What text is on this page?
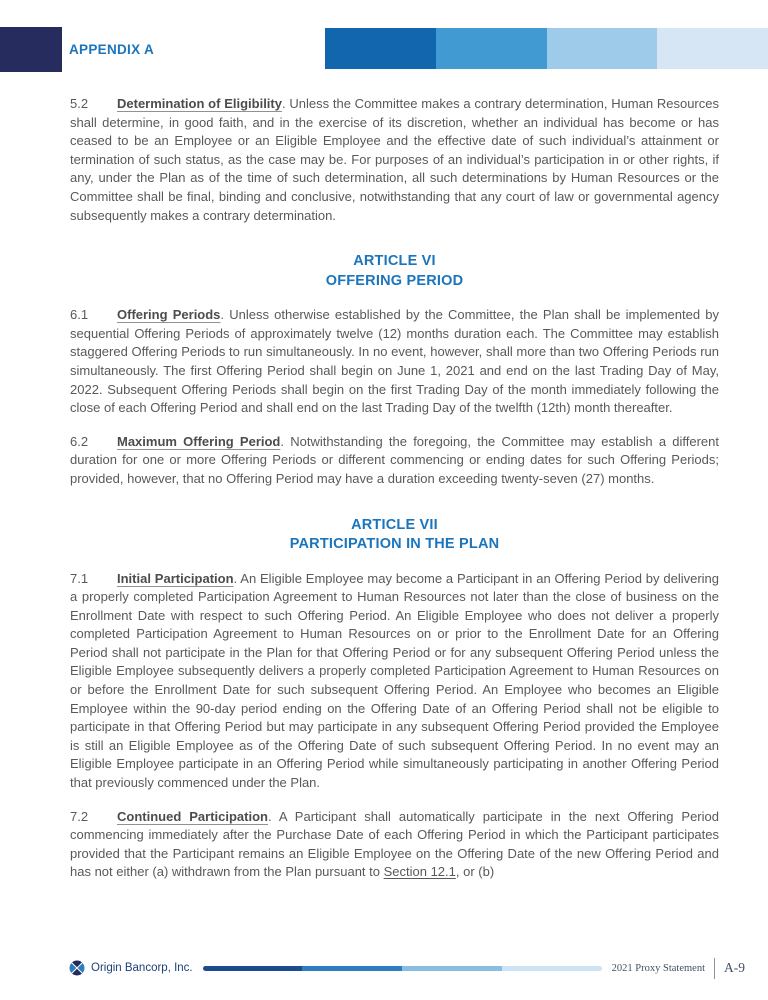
APPENDIX A

5.2 Determination of Eligibility. Unless the Committee makes a contrary determination, Human Resources shall determine, in good faith, and in the exercise of its discretion, whether an individual has become or has ceased to be an Employee or an Eligible Employee and the effective date of such individual’s attainment or termination of such status, as the case may be. For purposes of an individual’s participation in or other rights, if any, under the Plan as of the time of such determination, all such determinations by Human Resources or the Committee shall be final, binding and conclusive, notwithstanding that any court of law or governmental agency subsequently makes a contrary determination.

ARTICLE VI
OFFERING PERIOD

6.1 Offering Periods. Unless otherwise established by the Committee, the Plan shall be implemented by sequential Offering Periods of approximately twelve (12) months duration each. The Committee may establish staggered Offering Periods to run simultaneously. In no event, however, shall more than two Offering Periods run simultaneously. The first Offering Period shall begin on June 1, 2021 and end on the last Trading Day of May, 2022. Subsequent Offering Periods shall begin on the first Trading Day of the month immediately following the close of each Offering Period and shall end on the last Trading Day of the twelfth (12th) month thereafter.

6.2 Maximum Offering Period. Notwithstanding the foregoing, the Committee may establish a different duration for one or more Offering Periods or different commencing or ending dates for such Offering Periods; provided, however, that no Offering Period may have a duration exceeding twenty-seven (27) months.

ARTICLE VII
PARTICIPATION IN THE PLAN

7.1 Initial Participation. An Eligible Employee may become a Participant in an Offering Period by delivering a properly completed Participation Agreement to Human Resources not later than the close of business on the Enrollment Date with respect to such Offering Period. An Eligible Employee who does not deliver a properly completed Participation Agreement to Human Resources on or prior to the Enrollment Date for an Offering Period shall not participate in the Plan for that Offering Period or for any subsequent Offering Period unless the Eligible Employee subsequently delivers a properly completed Participation Agreement to Human Resources on or before the Enrollment Date for such subsequent Offering Period. An Employee who becomes an Eligible Employee within the 90-day period ending on the Offering Date of an Offering Period shall not be eligible to participate in that Offering Period but may participate in any subsequent Offering Period provided the Employee is still an Eligible Employee as of the Offering Date of such subsequent Offering Period. In no event may an Eligible Employee participate in an Offering Period while simultaneously participating in another Offering Period that previously commenced under the Plan.

7.2 Continued Participation. A Participant shall automatically participate in the next Offering Period commencing immediately after the Purchase Date of each Offering Period in which the Participant participates provided that the Participant remains an Eligible Employee on the Offering Date of the new Offering Period and has not either (a) withdrawn from the Plan pursuant to Section 12.1, or (b)

Origin Bancorp, Inc.	2021 Proxy Statement A-9
